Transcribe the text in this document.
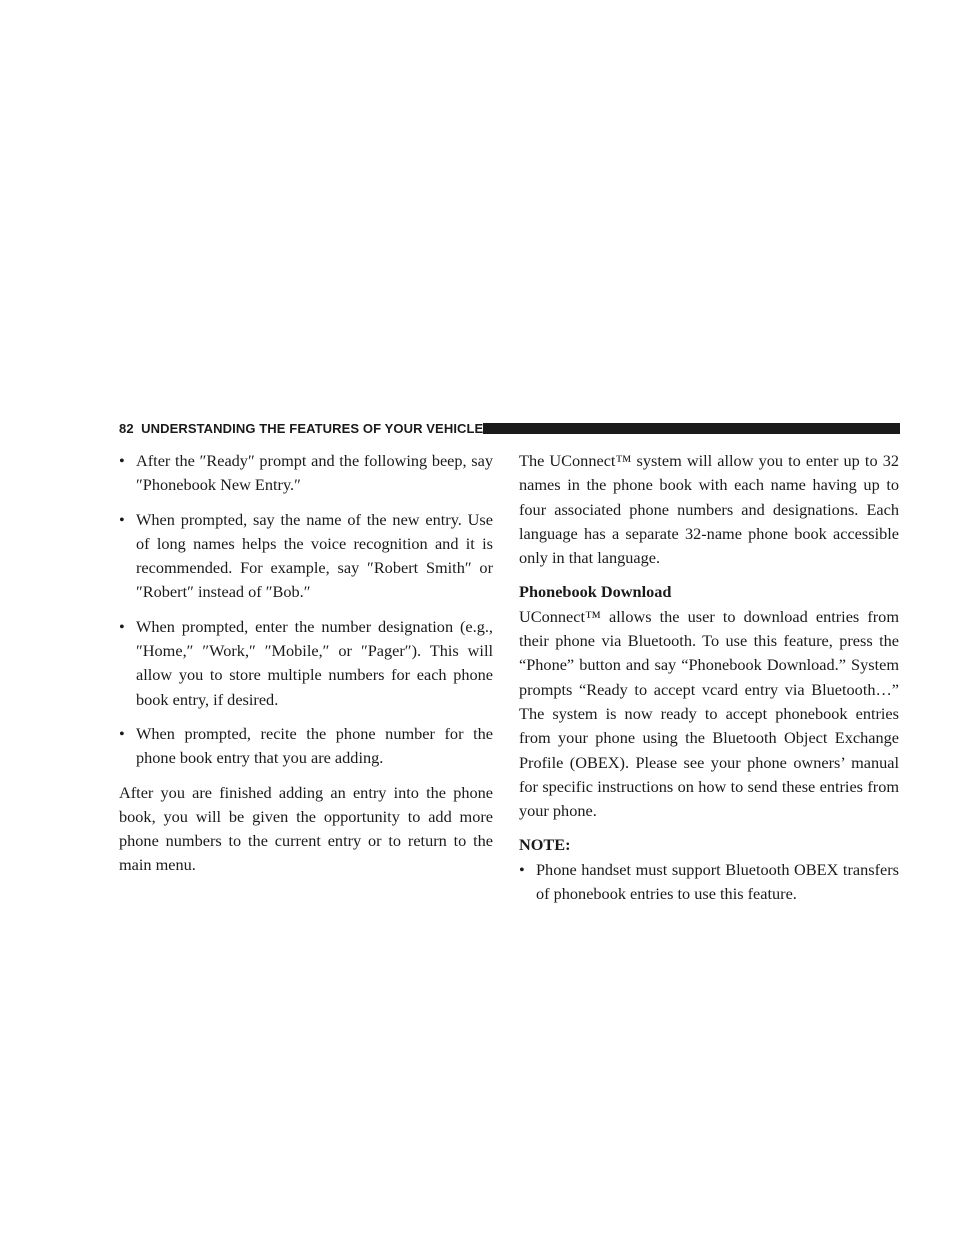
82 UNDERSTANDING THE FEATURES OF YOUR VEHICLE
• After the ″Ready″ prompt and the following beep, say ″Phonebook New Entry.″
• When prompted, say the name of the new entry. Use of long names helps the voice recognition and it is recommended. For example, say ″Robert Smith″ or ″Robert″ instead of ″Bob.″
• When prompted, enter the number designation (e.g., ″Home,″ ″Work,″ ″Mobile,″ or ″Pager″). This will allow you to store multiple numbers for each phone book entry, if desired.
• When prompted, recite the phone number for the phone book entry that you are adding.

After you are finished adding an entry into the phone book, you will be given the opportunity to add more phone numbers to the current entry or to return to the main menu.

The UConnect™ system will allow you to enter up to 32 names in the phone book with each name having up to four associated phone numbers and designations. Each language has a separate 32-name phone book accessible only in that language.

Phonebook Download

UConnect™ allows the user to download entries from their phone via Bluetooth. To use this feature, press the “Phone” button and say “Phonebook Download.” System prompts “Ready to accept vcard entry via Bluetooth…” The system is now ready to accept phonebook entries from your phone using the Bluetooth Object Exchange Profile (OBEX). Please see your phone owners’ manual for specific instructions on how to send these entries from your phone.

NOTE:

• Phone handset must support Bluetooth OBEX transfers of phonebook entries to use this feature.
